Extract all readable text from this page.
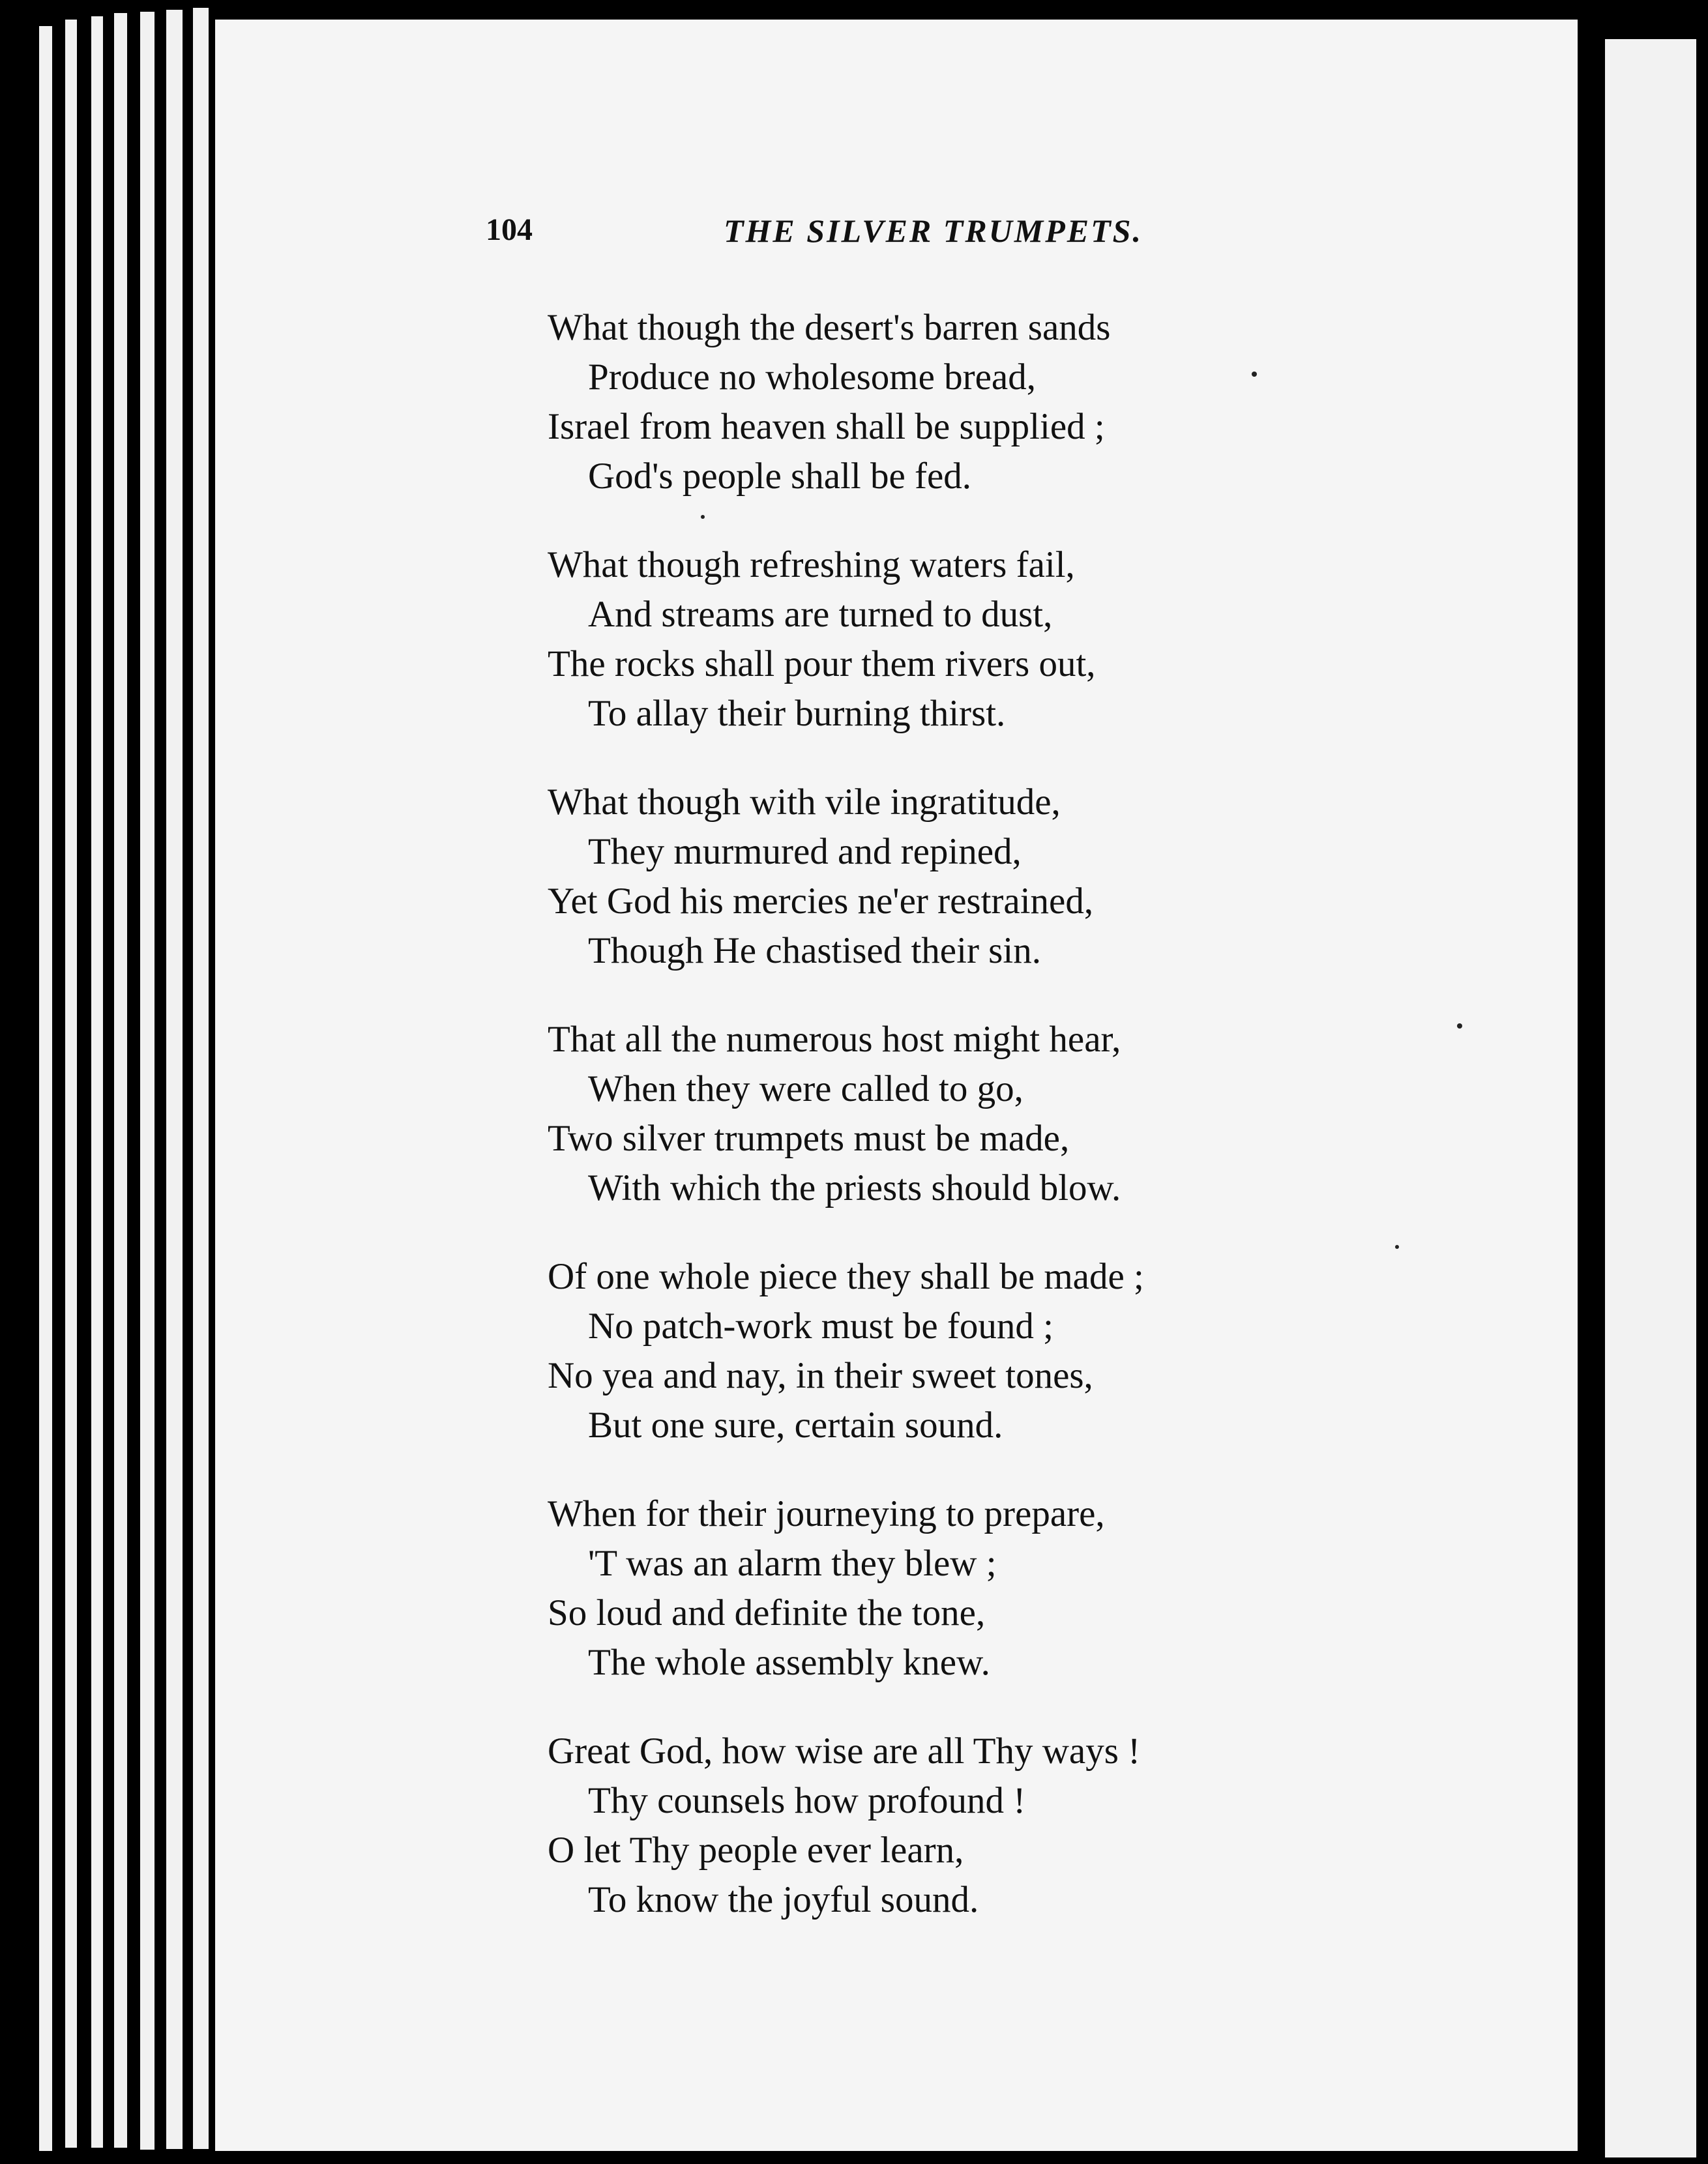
104	THE SILVER TRUMPETS.
What though the desert's barren sands
Produce no wholesome bread,
Israel from heaven shall be supplied ;
God's people shall be fed.
What though refreshing waters fail,
And streams are turned to dust,
The rocks shall pour them rivers out,
To allay their burning thirst.
What though with vile ingratitude,
They murmured and repined,
Yet God his mercies ne'er restrained,
Though He chastised their sin.
That all the numerous host might hear,
When they were called to go,
Two silver trumpets must be made,
With which the priests should blow.
Of one whole piece they shall be made ;
No patch-work must be found ;
No yea and nay, in their sweet tones,
But one sure, certain sound.
When for their journeying to prepare,
'T was an alarm they blew ;
So loud and definite the tone,
The whole assembly knew.
Great God, how wise are all Thy ways !
Thy counsels how profound !
O let Thy people ever learn,
To know the joyful sound.
